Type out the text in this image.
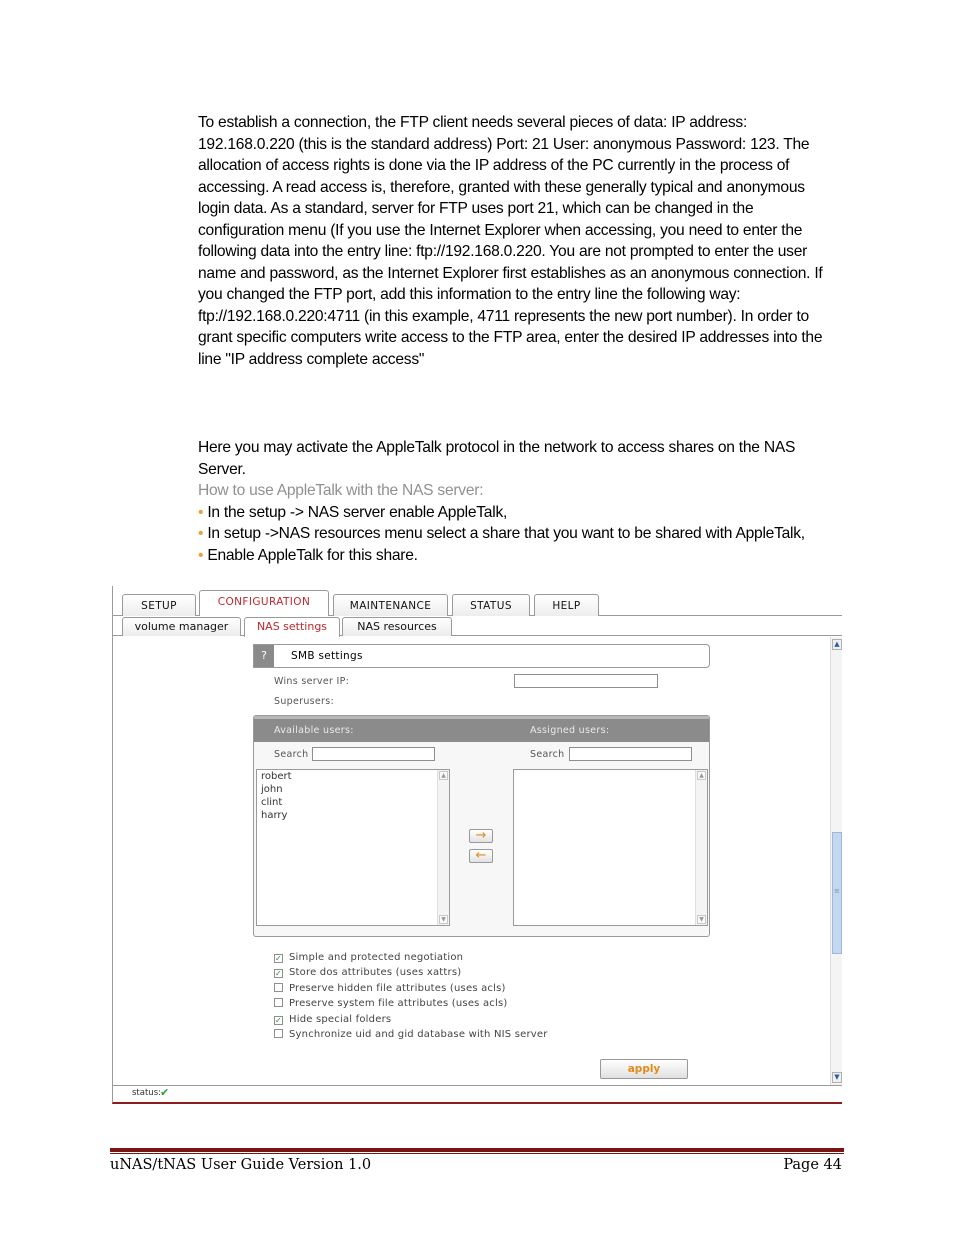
To establish a connection, the FTP client needs several pieces of data: IP address: 192.168.0.220 (this is the standard address) Port: 21 User: anonymous Password: 123. The allocation of access rights is done via the IP address of the PC currently in the process of accessing. A read access is, therefore, granted with these generally typical and anonymous login data. As a standard, server for FTP uses port 21, which can be changed in the configuration menu (If you use the Internet Explorer when accessing, you need to enter the following data into the entry line: ftp://192.168.0.220. You are not prompted to enter the user name and password, as the Internet Explorer first establishes as an anonymous connection. If you changed the FTP port, add this information to the entry line the following way: ftp://192.168.0.220:4711 (in this example, 4711 represents the new port number). In order to grant specific computers write access to the FTP area, enter the desired IP addresses into the line "IP address complete access"
Here you may activate the AppleTalk protocol in the network to access shares on the NAS Server.
How to use AppleTalk with the NAS server:
• In the setup -> NAS server enable AppleTalk,
• In setup ->NAS resources menu select a share that you want to be shared with AppleTalk,
• Enable AppleTalk for this share.
SETUP	CONFIGURATION	MAINTENANCE	STATUS	HELP
volume manager	NAS settings	NAS resources
?	SMB settings
Wins server IP:
Superusers:
Available users:	Assigned users:
Search	Search
robert
john
clint
harry
▲
▼
→
←
▲
▼
✓ Simple and protected negotiation
✓ Store dos attributes (uses xattrs)
Preserve hidden file attributes (uses acls)
Preserve system file attributes (uses acls)
✓ Hide special folders
Synchronize uid and gid database with NIS server
apply
▲
≡
▼
status: ✔
uNAS/tNAS User Guide Version 1.0	Page 44
